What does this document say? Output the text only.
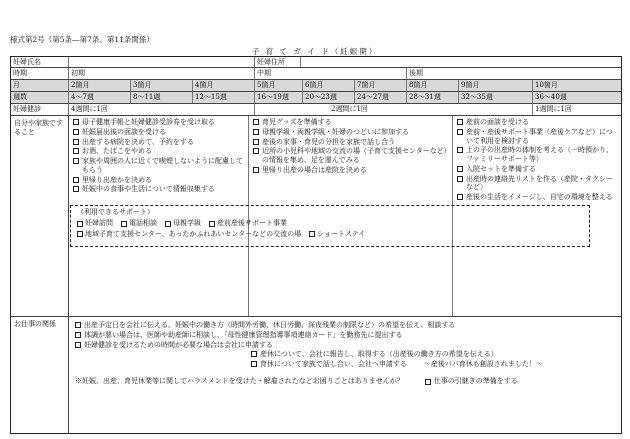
様式第2号（第5条―第7条、第11条関係）
子 育 て ガ イ ド（妊娠期）
妊婦氏名	妊婦住所
時期	初期	中期	後期
月	2箇月	3箇月	4箇月	5箇月	6箇月	7箇月	8箇月	9箇月	10箇月
週数	4～7週	8～11週	12～15週	16～19週	20～23週	24～27週	28～31週	32～35週	36～40週
妊婦健診	4週間に1回	2週間に1回	1週間に1回
自分や家族ですること
母子健康手帳と妊婦健診受診券を受け取る
妊娠届出後の面談を受ける
出産する病院を決めて、予約をする
お酒、たばこをやめる
家族や周囲の人に近くで喫煙しないように配慮してもらう
里帰り出産かを決める
妊娠中の食事や生活について情報収集する
育児グッズを準備する
母親学級・両親学級・妊婦のつどいに参加する
産後の家事・育児の分担を家族で話し合う
近所の小児科や地域の交流の場（子育て支援センターなど）の情報を集め、足を運んでみる
里帰り出産の場合は産院を決める
産前の面談を受ける
産前・産後サポート事業（産後ケアなど）について利用を検討する
上の子の出産時の体制を考える（一時預かり、ファミリーサポート等）
入院セットを準備する
出産時の連絡先リストを作る（産院・タクシーなど）
産後の生活をイメージし、自宅の環境を整える
お仕事の関係	出産予定日を会社に伝える。妊娠中の働き方（時間外労働、休日労働、深夜残業の制限など）の希望を伝え、相談する
体調が悪い場合は、医師や助産師に相談し、「母性健康管理指導事項連絡カード」を勤務先に提出する
妊婦健診を受けるための時間が必要な場合は会社に申請する
産休について、会社に報告し、取得する（出産後の働き方の希望を伝える）
育休について家族で話し合い、会社へ申請する ～産後パパ育休も創設されました！～
※妊娠、出産、育児休業等に関してハラスメントを受けた・解雇されたなどお困りごとはありませんか？	仕事の引継ぎの準備をする
（利用できるサポート）
妊婦訪問 電話相談 母親学級 産前産後サポート事業
地域子育て支援センター、あったかふれあいセンターなどの交流の場 ショートステイ
